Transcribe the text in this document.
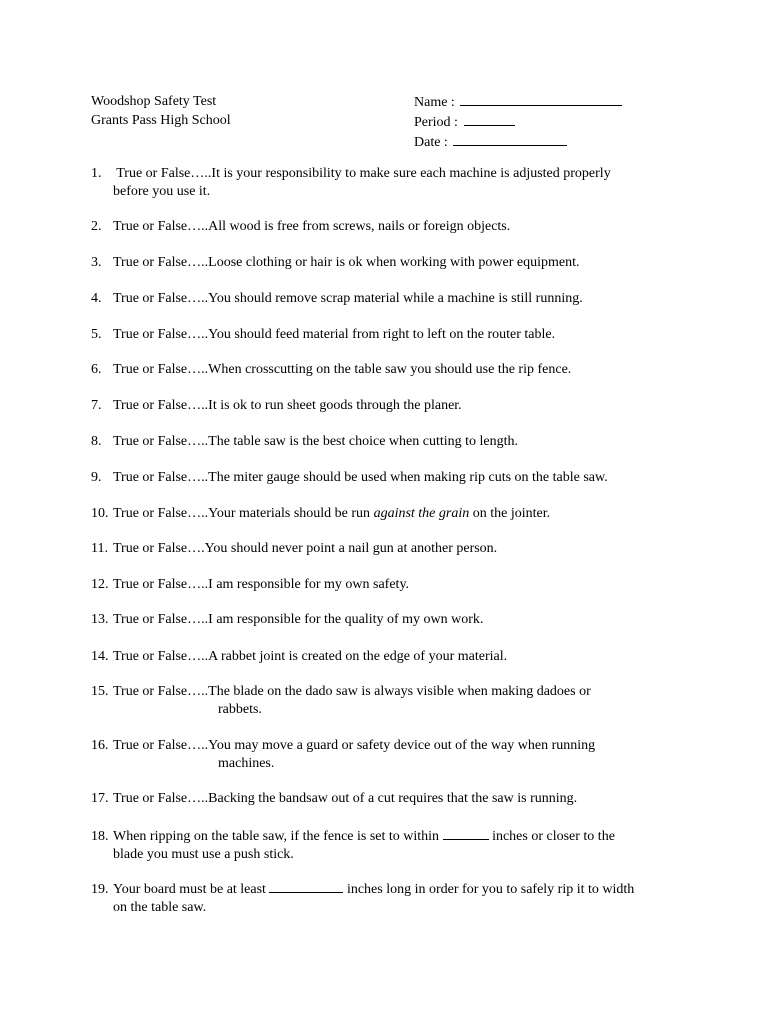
Woodshop Safety Test
Grants Pass High School
Name :
Period :
Date :
1. True or False…..It is your responsibility to make sure each machine is adjusted properly
before you use it.
2. True or False…..All wood is free from screws, nails or foreign objects.
3. True or False…..Loose clothing or hair is ok when working with power equipment.
4. True or False…..You should remove scrap material while a machine is still running.
5. True or False…..You should feed material from right to left on the router table.
6. True or False…..When crosscutting on the table saw you should use the rip fence.
7. True or False…..It is ok to run sheet goods through the planer.
8. True or False…..The table saw is the best choice when cutting to length.
9. True or False…..The miter gauge should be used when making rip cuts on the table saw.
10. True or False…..Your materials should be run against the grain on the jointer.
11. True or False….You should never point a nail gun at another person.
12. True or False…..I am responsible for my own safety.
13. True or False…..I am responsible for the quality of my own work.
14. True or False…..A rabbet joint is created on the edge of your material.
15. True or False…..The blade on the dado saw is always visible when making dadoes or
rabbets.
16. True or False…..You may move a guard or safety device out of the way when running
machines.
17. True or False…..Backing the bandsaw out of a cut requires that the saw is running.
18. When ripping on the table saw, if the fence is set to within	inches or closer to the
blade you must use a push stick.
19. Your board must be at least	inches long in order for you to safely rip it to width
on the table saw.
